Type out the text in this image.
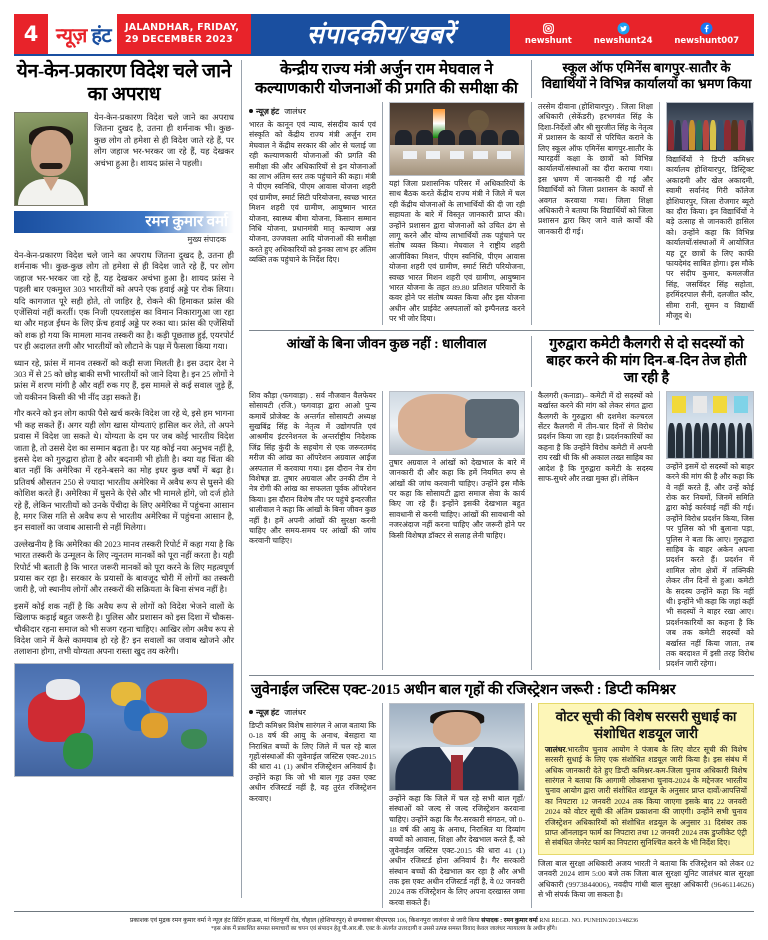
4 न्यूज़ हंट JALANDHAR, FRIDAY,
29 DECEMBER 2023	संपादकीय/खबरें	newshunt	newshunt24	newshunt007
येन-केन-प्रकारण विदेश चले जाने का अपराध
येन-केन-प्रकारण विदेश चले जाने का अपराध जितना दुखद है, उतना ही शर्मनाक भी। कुछ-कुछ लोग तो हमेशा से ही विदेश जाते रहे हैं, पर लोग जहाज भर-भरकर जा रहे हैं, यह देखकर अचंभा हुआ है। शायद फ्रांस ने पहली।
रमन कुमार वर्मा
मुख्य संपादक
येन-केन-प्रकारण विदेश चले जाने का अपराध जितना दुखद है, उतना ही शर्मनाक भी। कुछ-कुछ लोग तो हमेशा से ही विदेश जाते रहे हैं, पर लोग जहाज भर-भरकर जा रहे हैं, यह देखकर अचंभा हुआ है। शायद फ्रांस ने पहली बार एकमुश्त 303 भारतीयों को अपने एक हवाई अड्डे पर रोक लिया। यदि कागजात पूरे सही होते, तो जाहिर है, रोकने की हिमाकत फ्रांस की एजेंसियां नहीं करतीं। एक निजी एयरलाइंस का विमान निकारागुआ जा रहा था और महज ईंधन के लिए फ्रेंच हवाई अड्डे पर रुका था। फ्रांस की एजेंसियों को शक हो गया कि मामला मानव तस्करी का है। कड़ी पूछताछ हुई, एयरपोर्ट पर ही अदालत लगी और भारतीयों को लौटाने के पक्ष में फैसला किया गया।
ध्यान रहे, फ्रांस में मानव तस्करों को कड़ी सजा मिलती है। इस उदार देश ने 303 में से 25 को छोड़ बाकी सभी भारतीयों को जाने दिया है। इन 25 लोगों ने फ्रांस में शरण मांगी है और वहीं रुक गए हैं, इस मामले से कई सवाल जुड़े हैं, जो यकीनन किसी की भी नींद उड़ा सकते हैं।
गौर करने को इन लोग काफी पैसे खर्च करके विदेश जा रहे थे, इसे हम भागना भी कह सकते हैं। अगर यही लोग खास योग्यताएं हासिल कर लेते, तो अपने प्रवास में विदेश जा सकते थे। योग्यता के दम पर जब कोई भारतीय विदेश जाता है, तो उससे देश का सम्मान बढ़ता है। पर यह कोई नया अनुभव नहीं है, इससे देश को गुरुद्वारा होता है और बदनामी भी होती है। क्या यह चिंता की बात नहीं कि अमेरिका में रहने-बसने का मोह इधर कुछ वर्षों में बढ़ा है। प्रतिवर्ष औसतन 250 से ज्यादा भारतीय अमेरिका में अवैध रूप से घुसने की कोशिश करते हैं। अमेरिका में घुसने के ऐसे और भी मामले होंगे, जो दर्ज होते रहे हैं, लेकिन भारतीयों को उनके पेंचीदा के लिए अमेरिका में पहुंचना आसान है, मगर जिस गति से अवैध रूप से भारतीय अमेरिका में पहुंचना आसान है, इन सवालों का जवाब आसानी से नहीं मिलेगा।
उल्लेखनीय है कि अमेरिका की 2023 मानव तस्करी रिपोर्ट में कहा गया है कि भारत तस्करी के उन्मूलन के लिए न्यूनतम मानकों को पूरा नहीं करता है। यही रिपोर्ट भी बताती है कि भारत जरूरी मानकों को पूरा करने के लिए महत्वपूर्ण प्रयास कर रहा है। सरकार के प्रयासों के बावजूद चोरी में लोगों का तस्करी जारी है, जो स्थानीय लोगों और तस्करों की सक्रियता के बिना संभव नहीं है।
इसमें कोई शक नहीं है कि अवैध रूप से लोगों को विदेश भेजने वालों के खिलाफ कड़ाई बहुत जरूरी है। पुलिस और प्रशासन को इस दिशा में चौकस-चौकीदार रहना समाज को भी सजग रहना चाहिए। आखिर लोग अवैध रूप से विदेश जाने में कैसे कामयाब हो रहे हैं? इन सवालों का जवाब खोजने और तलाशना होगा, तभी योग्यता अपना रास्ता खुद तय करेगी।
केन्द्रीय राज्य मंत्री अर्जुन राम मेघवाल ने कल्याणकारी योजनाओं की प्रगति की समीक्षा की
स्कूल ऑफ एमिनेंस बागपुर-सातौर के विद्यार्थियों ने विभिन्न कार्यालयों का भ्रमण किया
न्यूज़ हंट जालंधर
भारत के कानून एवं न्याय, संसदीय कार्य एवं संस्कृति को केंद्रीय राज्य मंत्री अर्जुन राम मेघवाल ने केंद्रीय सरकार की ओर से चलाई जा रही कल्याणकारी योजनाओं की प्रगति की समीक्षा की और अधिकारियों से इन योजनाओं का लाभ अंतिम स्तर तक पहुंचाने की कहा। मंत्री ने पीएम स्वनिधि, पीएम आवास योजना शहरी एवं ग्रामीण, स्मार्ट सिटी परियोजना, स्वच्छ भारत मिशन शहरी एवं ग्रामीण, आयुष्मान भारत योजना, स्वास्थ्य बीमा योजना, किसान सम्मान निधि योजना, प्रधानमंत्री मातृ कल्याण अन्न योजना, उज्जवला आदि योजनाओं की समीक्षा करते हुए अधिकारियों को इनका लाभ हर अंतिम व्यक्ति तक पहुंचाने के निर्देश दिए।
यहां जिला प्रशासनिक परिसर में अधिकारियों के साथ बैठक करते केंद्रीय राज्य मंत्री ने जिले में चल रही केंद्रीय योजनाओं के लाभार्थियों की दी जा रही सहायता के बारे में विस्तृत जानकारी प्राप्त की। उन्होंने प्रशासन द्वारा योजनाओं को उचित ढंग से लागू करने और योग्य लाभार्थियों तक पहुंचाने पर संतोष व्यक्त किया। मेघवाल ने राष्ट्रीय शहरी आजीविका मिशन, पीएम स्वनिधि, पीएम आवास योजना शहरी एवं ग्रामीण, स्मार्ट सिटी परियोजना, स्वच्छ भारत मिशन शहरी एवं ग्रामीण, आयुष्मान भारत योजना के तहत 89.80 प्रतिशत परिवारों के कवर होने पर संतोष व्यक्त किया और इस योजना अधीन और प्राईवेट अस्पतालों को इम्पैनलड करने पर भी जोर दिया।
तरसेम दीवाना (होशियारपुर) . जिला शिक्षा अधिकारी (सेकेंडरी) हरभगवंत सिंह के दिशा-निर्देशों और श्री सुरजीत सिंह के नेतृत्व में प्रशासन के कार्यों से परिचित कराने के लिए स्कूल ऑफ एमिनेंस बागपुर-सातौर के ग्यारहवीं कक्षा के छात्रों को विभिन्न कार्यालयों/संस्थाओं का दौरा कराया गया। इस भ्रमण में जानकारी दी गई और विद्यार्थियों को जिला प्रशासन के कार्यों से अवगत करवाया गया। जिला शिक्षा अधिकारी ने बताया कि विद्यार्थियों को जिला प्रशासन द्वारा किए जाने वाले कार्यों की जानकारी दी गई।
विद्यार्थियों ने डिप्टी कमिश्नर कार्यालय होशियारपुर, डिस्ट्रिक्ट अकादमी और खेल अकादमी, स्वामी सर्वानंद गिरी कॉलेज होशियारपुर, जिला रोजगार ब्यूरो का दौरा किया। इन विद्यार्थियों ने बड़े उत्साह से जानकारी हासिल को। उन्होंने कहा कि विभिन्न कार्यालयों/संस्थाओं में आयोजित यह टूर छात्रों के लिए काफी फायदेमंद साबित होगा। इस मौके पर संदीप कुमार, कमलजीत सिंह, जसविंदर सिंह सहोता, हरमिंदरपाल सैनी, दलजीत कौर, सीमा रानी, सुमन व विद्यार्थी मौजूद थे।
आंखों के बिना जीवन कुछ नहीं : धालीवाल	गुरुद्वारा कमेटी कैलगरी से दो सदस्यों को बाहर करने की मांग दिन-ब-दिन तेज होती जा रही है
शिव कौड़ा (फगवाड़ा) . सर्व नौजवान वैलफेयर सोसायटी (रजि.) फगवाड़ा द्वारा आओ पुन्य कमायें प्रोजेक्ट के अन्तर्गत सोसायटी अध्यक्ष सुखबिंद्र सिंह के नेतृत्व में उद्योगपति एवं आश्रमीय इंटरनेशनल के अन्तर्राष्ट्रीय निदेशक जिंद्र सिंह कुंदी के सहयोग से एक जरूरतमंद मरीज की आंख का ऑपरेशन अग्रवाल आईज अस्पताल में करवाया गया। इस दौरान नेत्र रोग विशेषज्ञ डा. तुषार अग्रवाल और उनकी टीम ने नेत्र रोगी की आंख का सफलता पूर्वक ऑपरेशन किया। इस दौरान विशेष तौर पर पहुंचे इन्दरजीत धालीवाल ने कहा कि आंखों के बिना जीवन कुछ नहीं है। हमें अपनी आंखों की सुरक्षा करनी चाहिए और समय-समय पर आंखों की जांच करवानी चाहिए।
तुषार अग्रवाल ने आंखों को देखभाल के बारे में जानकारी दी और कहा कि हमें नियमित रूप से आंखों की जांच करवानी चाहिए। उन्होंने इस मौके पर कहा कि सोसायटी द्वारा समाज सेवा के कार्य किए जा रहे हैं। इन्होंने इसकी देखभाल बहुत सावधानी से करनी चाहिए। आंखों की सावधानी को नजरअंदाज नहीं करना चाहिए और जरूरी होने पर किसी विशेषज्ञ डॉक्टर से सलाह लेनी चाहिए।
कैलगरी (कनाडा)– कमेटी में दो सदस्यों को बर्खास्त करने की मांग को लेकर संगत द्वारा कैलगरी के गुरुद्वारा श्री दशमेश कल्चरल सेंटर कैलगरी में तीन-चार दिनों से विरोध प्रदर्शन किया जा रहा है। प्रदर्शनकारियों का कहना है कि उन्होंने विरोध कमेटी में अपनी राय रखी थी कि श्री अकाल तख्त साहिब का आदेश है कि गुरुद्वारा कमेटी के सदस्य साफ-सुथरे और तखा मुक्त हों। लेकिन
उन्होंने इसमें दो सदस्यों को बाहर करने की मांग की है और कहा कि वे नहीं करते हैं, और उन्हें कोई रोक कर नियमों, जिनमें समिति द्वारा कोई कार्रवाई नहीं की गई। उन्होंने विरोध प्रदर्शन किया, जिस पर पुलिस को भी बुलाना पड़ा, पुलिस ने बता कि आए। गुरुद्वारा साहिब के बाहर अकेन अपना प्रदर्शन करते हैं। प्रदर्शन में शामिल लोग क्षेत्रों में तक्निकी लेकर तीन दिनों से हुआ। कमेटी के सदस्य उन्होंने कहा कि नहीं थी। इन्होंने भी कहा कि जहां कहीं भी सदस्यों ने बाहर रखा आए। प्रदर्शनकारियों का कहना है कि जब तक कमेटी सदस्यों को बर्खास्त नहीं किया जाता, तब तक बरदाश्त में इसी तरह विरोध प्रदर्शन जारी रहेगा।
जुवेनाईल जस्टिस एक्ट-2015 अधीन बाल गृहों की रजिस्ट्रेशन जरूरी : डिप्टी कमिश्नर
न्यूज़ हंट जालंधर
डिप्टी कमिश्नर विशेष सारंगल ने आज बताया कि 0-18 वर्ष की आयु के अनाथ, बेसहारा या निराश्रित बच्चों के लिए जिले में चल रहे बाल गृहों/संस्थाओं की जुवेनाईल जस्टिस एक्ट-2015 की धारा 41 (1) अधीन रजिस्ट्रेशन अनिवार्य है। उन्होंने कहा कि जो भी बाल गृह उक्त एक्ट अधीन रजिस्टर्ड नहीं है, वह तुरंत रजिस्ट्रेशन करवाए।	उन्होंने कहा कि जिले में चल रहे सभी बाल गृहों/संस्थाओं को जल्द से जल्द रजिस्ट्रेशन करवाना चाहिए। उन्होंने कहा कि गैर-सरकारी संगठन, जो 0-18 वर्ष की आयु के अनाथ, निराश्रित या दिव्यांग बच्चों को आवास, शिक्षा और देखभाल करते हैं, को जुवेनाईल जस्टिस एक्ट-2015 की धारा 41 (1) अधीन रजिस्टर्ड होना अनिवार्य है। गैर सरकारी संस्थान बच्चों की देखभाल कर रहा है और अभी तक इस एक्ट अधीन रजिस्टर्ड नहीं है, वे 02 जनवरी 2024 तक रजिस्ट्रेशन के लिए अपना दरखास्त जमा करवा सकते हैं।
वोटर सूची की विशेष सरसरी सुधाई का संशोधित शडयूल जारी
जालंधर.भारतीय चुनाव आयोग ने पंजाब के लिए वोटर सूची की विशेष सरसरी सुधाई के लिए एक संशोधित शडयूल जारी किया है। इस संबंध में अधिक जानकारी देते हुए डिप्टी कमिश्नर-कम-जिला चुनाव अधिकारी विशेष सारंगल ने बताया कि आगामी लोकसभा चुनाव-2024 के मद्देनजर भारतीय चुनाव आयोग द्वारा जारी संशोधित शडयूल के अनुसार प्राप्त दावों/आपत्तियों का निपटारा 12 जनवरी 2024 तक किया जाएगा इसके बाद 22 जनवरी 2024 को वोटर सूची की अंतिम प्रकाशना की जाएगी। उन्होंने सभी चुनाव रजिस्ट्रेशन अधिकारियों को संशोधित शडयूल के अनुसार 31 दिसंबर तक प्राप्त ऑनलाइन फार्म का निपटारा तथा 12 जनवरी 2024 तक डुप्लीकेट एंट्री से संबंधित जेनरेट फार्म का निपटारा सुनिश्चित करने के भी निर्देश दिए।
जिला बाल सुरक्षा अधिकारी अजय भारती ने बताया कि रजिस्ट्रेशन को लेकर 02 जनवरी 2024 शाम 5:00 बजे तक जिला बाल सुरक्षा यूनिट जालंधर बाल सुरक्षा अधिकारी (9973844006), नवदीप गांधी बाल सुरक्षा अधिकारी (9646114626) से भी संपर्क किया जा सकता है।
प्रकाशक एवं मुद्रक रमन कुमार वर्मा ने न्यूज़ हंट प्रिंटिंग हाऊस, मां चिंतपूर्णी रोड, चौहाल (होशियारपुर) से छपवाकर बीएमएस 106, किशनपुरा जालंधर से जारी किया संपादक : रमन कुमार वर्मा RNI REGD. NO. PUNHIN/2013/48236
*इस अंक में प्रकाशित समस्त समाचारों का चयन एवं संपादन हेतु पी.आर.बी. एक्ट के अंतर्गत उत्तरदायी व उससे उत्पन्न समस्त विवाद केवल जालंधर न्यायालय के अधीन होंगे।
